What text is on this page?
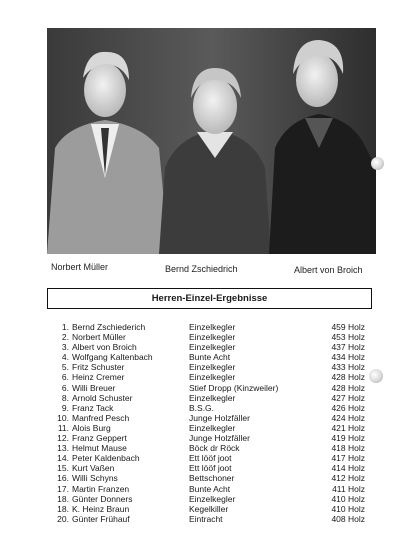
Norbert Müller	Bernd Zschiedrich	Albert von Broich
Herren-Einzel-Ergebnisse
1. Bernd Zschiederich	Einzelkegler	459 Holz
2. Norbert Müller	Einzelkegler	453 Holz
3. Albert von Broich	Einzelkegler	437 Holz
4. Wolfgang Kaltenbach	Bunte Acht	434 Holz
5. Fritz Schuster	Einzelkegler	433 Holz
6. Heinz Cremer	Einzelkegler	428 Holz
6. Willi Breuer	Stief Dropp (Kinzweiler)	428 Holz
8. Arnold Schuster	Einzelkegler	427 Holz
9. Franz Tack	B.S.G.	426 Holz
10. Manfred Pesch	Junge Holzfäller	424 Holz
11. Alois Burg	Einzelkegler	421 Holz
12. Franz Geppert	Junge Holzfäller	419 Holz
13. Helmut Mause	Böck dr Röck	418 Holz
14. Peter Kaldenbach	Ett lööf joot	417 Holz
15. Kurt Vaßen	Ett lööf joot	414 Holz
16. Willi Schyns	Bettschoner	412 Holz
17. Martin Franzen	Bunte Acht	411 Holz
18. Günter Donners	Einzelkegler	410 Holz
18. K. Heinz Braun	Kegelkiller	410 Holz
20. Günter Frühauf	Eintracht	408 Holz
